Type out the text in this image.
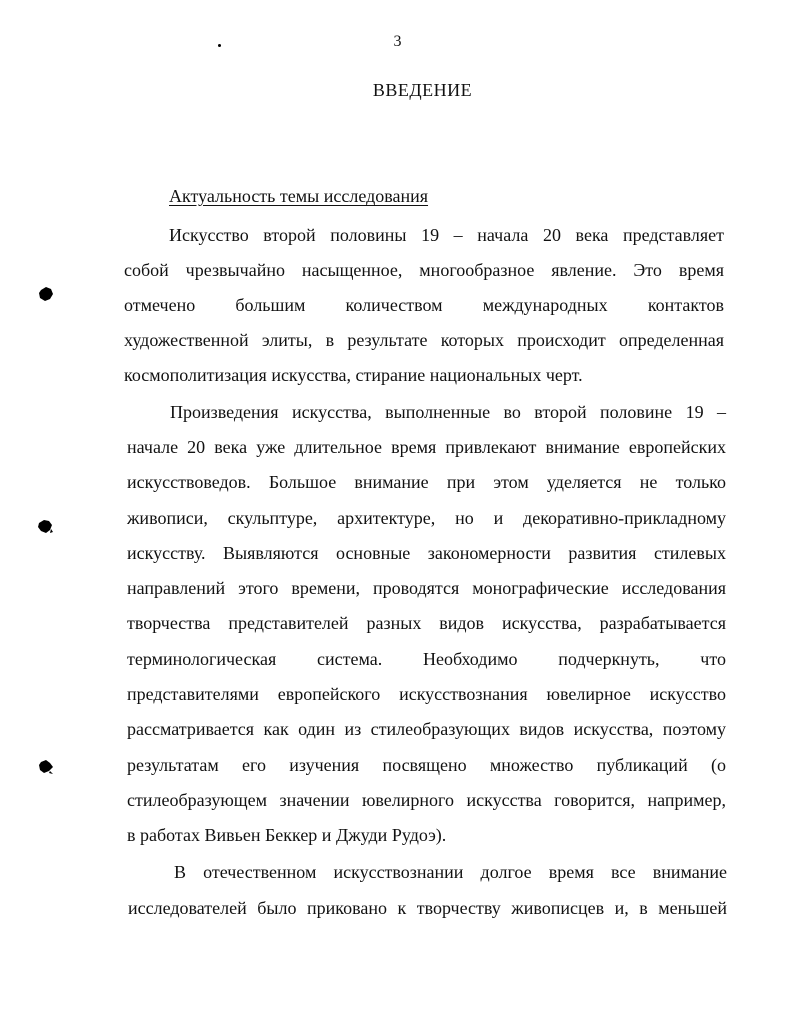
3
ВВЕДЕНИЕ
Актуальность темы исследования
Искусство второй половины 19 – начала 20 века представляет
собой чрезвычайно насыщенное, многообразное явление. Это время
отмечено большим количеством международных контактов
художественной элиты, в результате которых происходит определенная
космополитизация искусства, стирание национальных черт.
Произведения искусства, выполненные во второй половине 19 –
начале 20 века уже длительное время привлекают внимание европейских
искусствоведов. Большое внимание при этом уделяется не только
живописи, скульптуре, архитектуре, но и декоративно-прикладному
искусству. Выявляются основные закономерности развития стилевых
направлений этого времени, проводятся монографические исследования
творчества представителей разных видов искусства, разрабатывается
терминологическая система. Необходимо подчеркнуть, что
представителями европейского искусствознания ювелирное искусство
рассматривается как один из стилеобразующих видов искусства, поэтому
результатам его изучения посвящено множество публикаций (о
стилеобразующем значении ювелирного искусства говорится, например,
в работах Вивьен Беккер и Джуди Рудоэ).
В отечественном искусствознании долгое время все внимание
исследователей было приковано к творчеству живописцев и, в меньшей
